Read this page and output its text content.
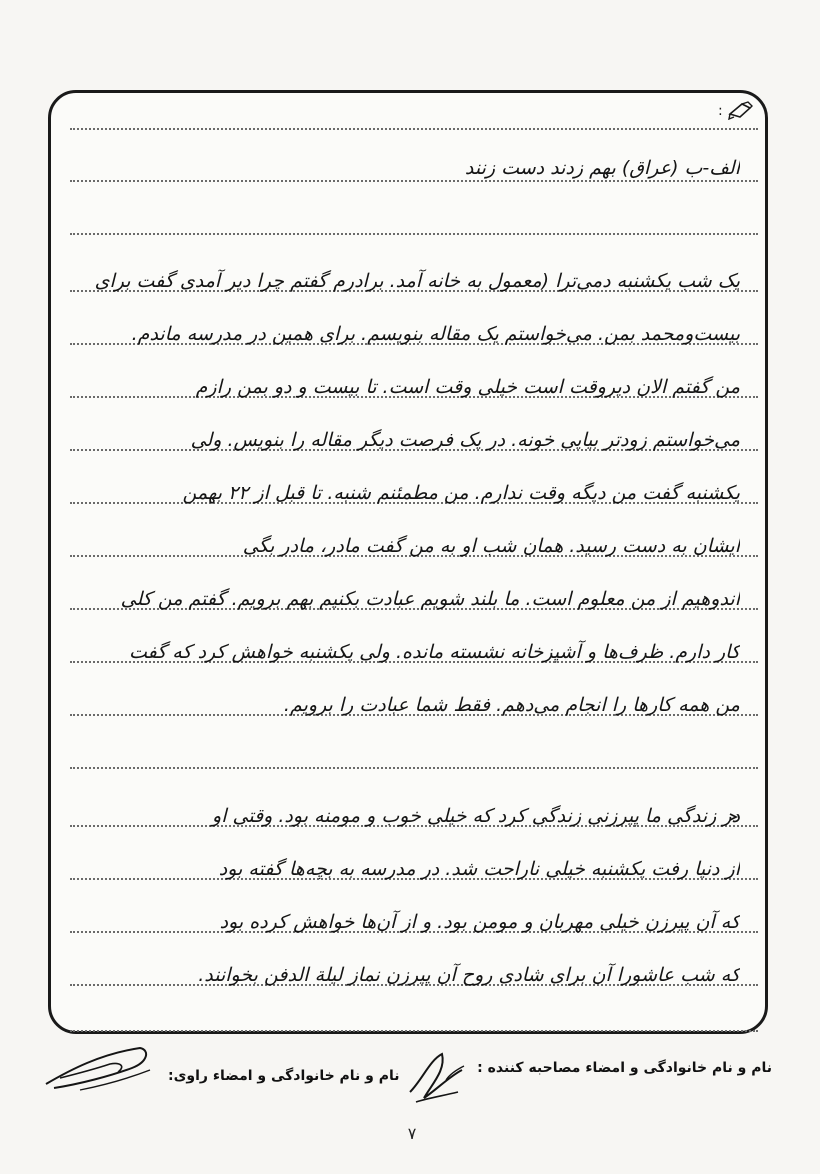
:
الف-ب (عراق) بهم زدند دست زنند
یک شب یکشنبه دمی‌ترا (معمول به خانه آمد. برادرم گفتم چرا دیر آمدی گفت برای
بیست‌ومحمد بمن. می‌خواستم یک مقاله بنویسم. برای همین در مدرسه ماندم.
من گفتم الان دیروقت است خیلی وقت است. تا بیست و دو بمن رازم
می‌خواستم زودتر بیایی خونه. در یک فرصت دیگر مقاله را بنویس. ولی
یکشنبه گفت من دیگه وقت ندارم. من مطمئنم شنبه. تا قبل از ۲۲ بهمن
ایشان به دست رسید. همان شب او به من گفت مادر، مادر بگی
اندوهیم از من معلوم است. ما بلند شویم عبادت بکنیم بهم برویم. گفتم من کلی
کار دارم. ظرف‌ها و آشپزخانه نشسته مانده. ولی یکشنبه خواهش کرد که گفت
من همه کارها را انجام می‌دهم. فقط شما عبادت را برویم.
در زندگی ما پیرزنی زندگی کرد که خیلی خوب و مومنه بود. وقتی او
از دنیا رفت یکشنبه خیلی ناراحت شد. در مدرسه به بچه‌ها گفته بود
که آن پیرزن خیلی مهربان و مومن بود. و از آن‌ها خواهش کرده بود
که شب عاشورا آن برای شادی روح آن پیرزن نماز لیلة الدفن بخوانند.
نام و نام خانوادگی و امضاء مصاحبه کننده :
نام و نام خانوادگی و امضاء راوی:
۷
